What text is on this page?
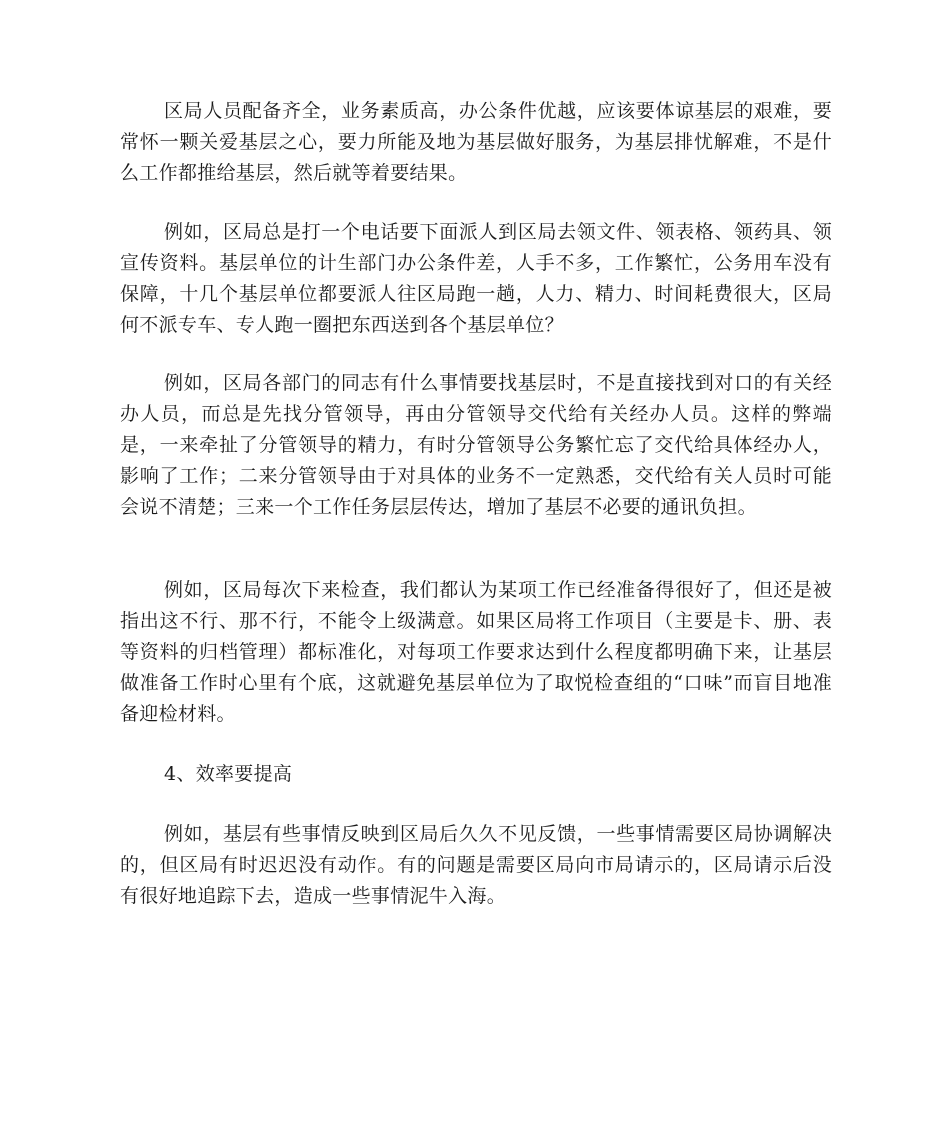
区局人员配备齐全，业务素质高，办公条件优越，应该要体谅基层的艰难，要常怀一颗关爱基层之心，要力所能及地为基层做好服务，为基层排忧解难，不是什么工作都推给基层，然后就等着要结果。

例如，区局总是打一个电话要下面派人到区局去领文件、领表格、领药具、领宣传资料。基层单位的计生部门办公条件差，人手不多，工作繁忙，公务用车没有保障，十几个基层单位都要派人往区局跑一趟，人力、精力、时间耗费很大，区局何不派专车、专人跑一圈把东西送到各个基层单位？

例如，区局各部门的同志有什么事情要找基层时，不是直接找到对口的有关经办人员，而总是先找分管领导，再由分管领导交代给有关经办人员。这样的弊端是，一来牵扯了分管领导的精力，有时分管领导公务繁忙忘了交代给具体经办人，影响了工作；二来分管领导由于对具体的业务不一定熟悉，交代给有关人员时可能会说不清楚；三来一个工作任务层层传达，增加了基层不必要的通讯负担。

例如，区局每次下来检查，我们都认为某项工作已经准备得很好了，但还是被指出这不行、那不行，不能令上级满意。如果区局将工作项目（主要是卡、册、表等资料的归档管理）都标准化，对每项工作要求达到什么程度都明确下来，让基层做准备工作时心里有个底，这就避免基层单位为了取悦检查组的“口味”而盲目地准备迎检材料。

4、效率要提高

例如，基层有些事情反映到区局后久久不见反馈，一些事情需要区局协调解决的，但区局有时迟迟没有动作。有的问题是需要区局向市局请示的，区局请示后没有很好地追踪下去，造成一些事情泥牛入海。
